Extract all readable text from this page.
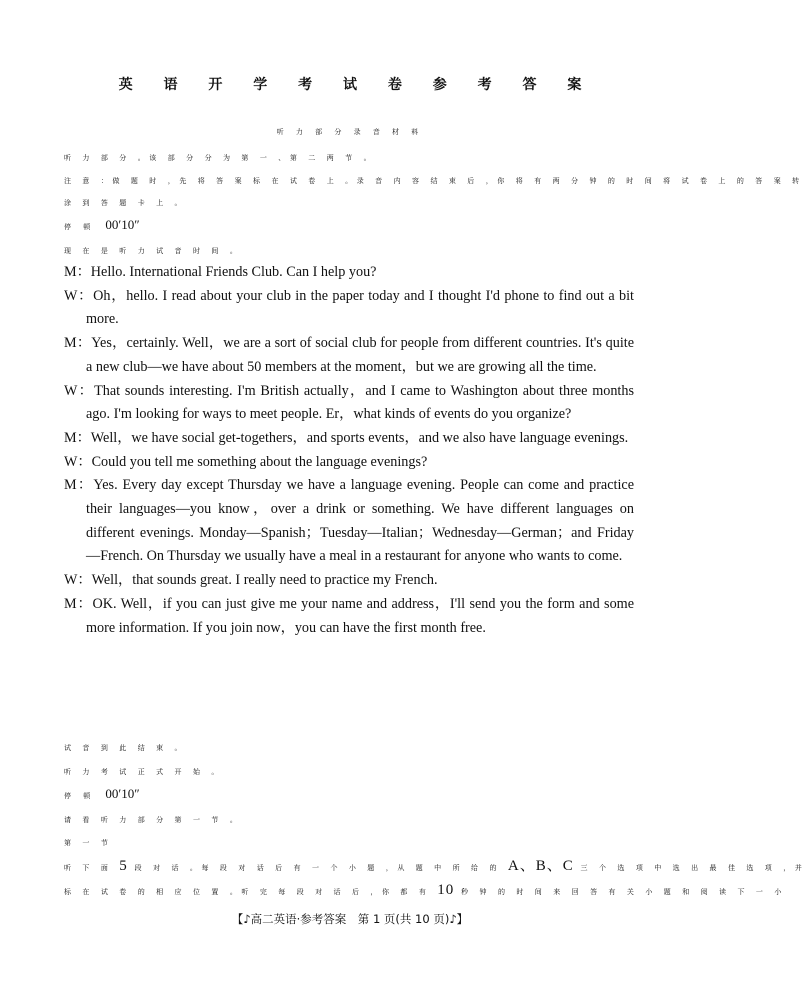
英 语 开 学 考 试 卷 参 考 答 案
听 力 部 分 录 音 材 料
听 力 部 分 。该 部 分 分 为 第 一 、第 二 两 节 。
注 意 ：做 题 时 ，先 将 答 案 标 在 试 卷 上 。录 音 内 容 结 束 后 ，你 将 有 两 分 钟 的 时 间 将 试 卷 上 的 答 案 转
涂 到 答 题 卡 上 。
停 顿 00′10″
现 在 是 听 力 试 音 时 间 。

M：Hello. International Friends Club. Can I help you?

W：Oh，hello. I read about your club in the paper today and I thought I'd phone to find out a bit more.

M：Yes，certainly. Well，we are a sort of social club for people from different countries. It's quite a new club—we have about 50 members at the moment，but we are growing all the time.

W：That sounds interesting. I'm British actually，and I came to Washington about three months ago. I'm looking for ways to meet people. Er，what kinds of events do you organize?

M：Well，we have social get-togethers，and sports events，and we also have language evenings.

W：Could you tell me something about the language evenings?

M：Yes. Every day except Thursday we have a language evening. People can come and practice their languages—you know，over a drink or something. We have different languages on different evenings. Monday—Spanish；Tuesday—Italian；Wednesday—German；and Friday—French. On Thursday we usually have a meal in a restaurant for anyone who wants to come.

W：Well，that sounds great. I really need to practice my French.

M：OK. Well，if you can just give me your name and address，I'll send you the form and some more information. If you join now，you can have the first month free.

试 音 到 此 结 束 。
听 力 考 试 正 式 开 始 。
停 顿 00′10″
请 看 听 力 部 分 第 一 节 。
第 一 节
听 下 面 5 段 对 话 。每 段 对 话 后 有 一 个 小 题 ，从 题 中 所 给 的 A、B、C 三 个 选 项 中 选 出 最 佳 选 项 ，并
标 在 试 卷 的 相 应 位 置 。听 完 每 段 对 话 后 ，你 都 有 10 秒 钟 的 时 间 来 回 答 有 关 小 题 和 阅 读 下 一 小
【♪高二英语·参考答案　第 1 页(共 10 页)♪】
